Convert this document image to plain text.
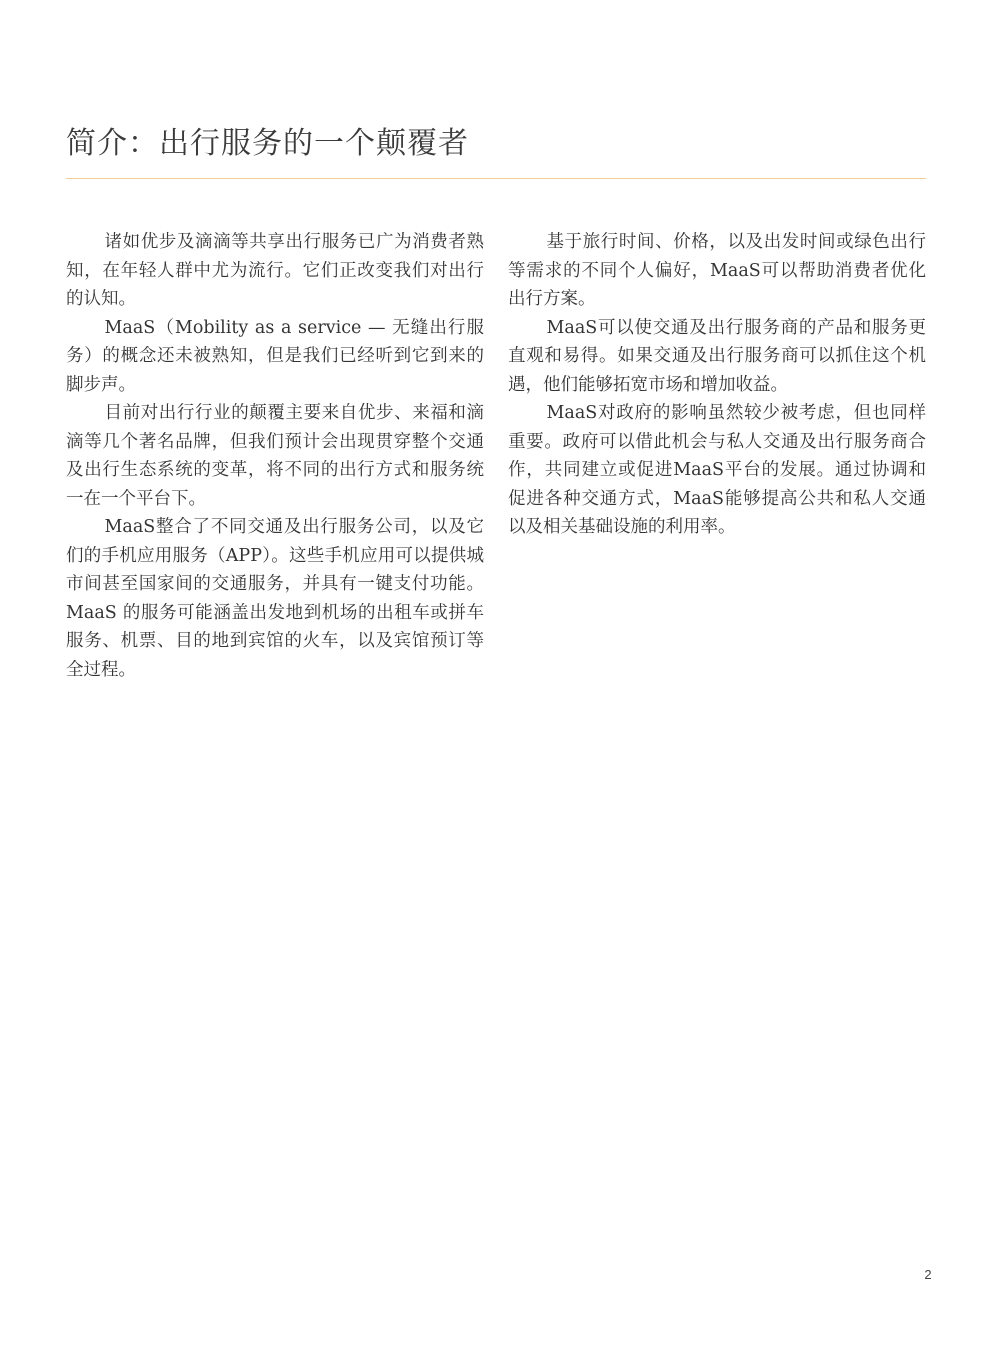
简介：出行服务的一个颠覆者

诸如优步及滴滴等共享出行服务已广为消费者熟知，在年轻人群中尤为流行。它们正改变我们对出行的认知。

MaaS（Mobility as a service — 无缝出行服务）的概念还未被熟知，但是我们已经听到它到来的脚步声。

目前对出行行业的颠覆主要来自优步、来福和滴滴等几个著名品牌，但我们预计会出现贯穿整个交通及出行生态系统的变革，将不同的出行方式和服务统一在一个平台下。

MaaS整合了不同交通及出行服务公司，以及它们的手机应用服务（APP）。这些手机应用可以提供城市间甚至国家间的交通服务，并具有一键支付功能。MaaS 的服务可能涵盖出发地到机场的出租车或拼车服务、机票、目的地到宾馆的火车，以及宾馆预订等全过程。

基于旅行时间、价格，以及出发时间或绿色出行等需求的不同个人偏好，MaaS可以帮助消费者优化出行方案。

MaaS可以使交通及出行服务商的产品和服务更直观和易得。如果交通及出行服务商可以抓住这个机遇，他们能够拓宽市场和增加收益。

MaaS对政府的影响虽然较少被考虑，但也同样重要。政府可以借此机会与私人交通及出行服务商合作，共同建立或促进MaaS平台的发展。通过协调和促进各种交通方式，MaaS能够提高公共和私人交通以及相关基础设施的利用率。

2
